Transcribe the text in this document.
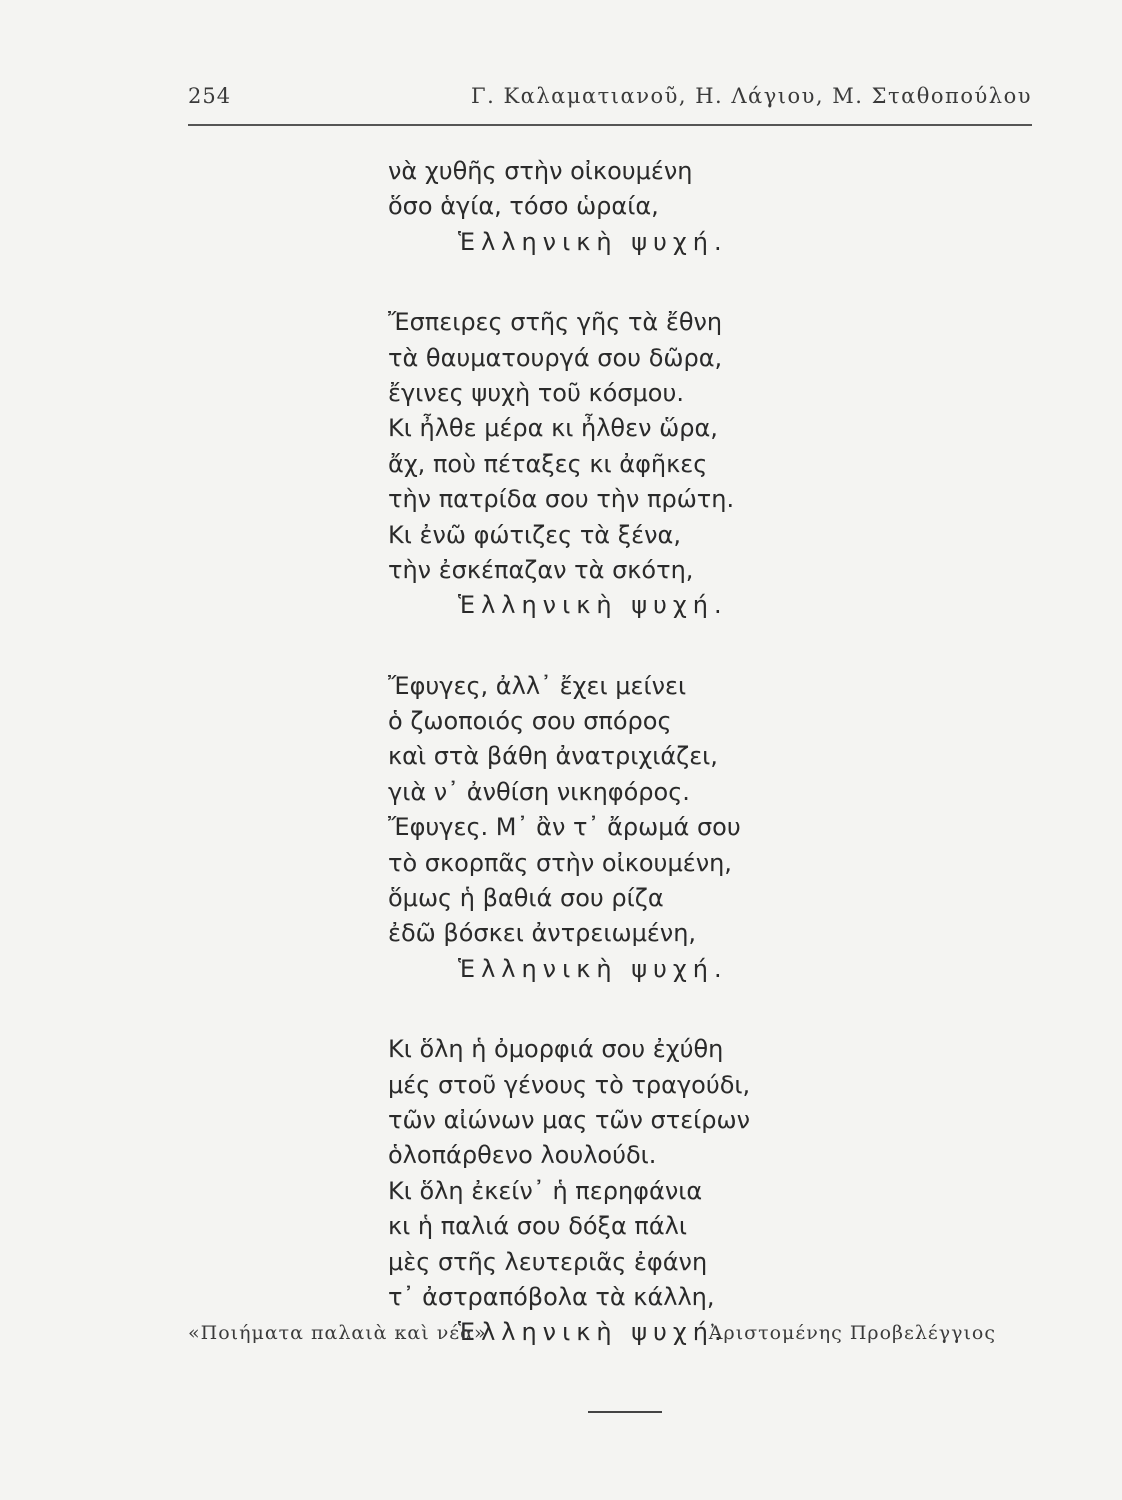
254	Γ. Καλαματιανοῦ, Η. Λάγιου, Μ. Σταθοπούλου
νὰ χυθῆς στὴν οἰκουμένη
ὅσο ἁγία, τόσο ὡραία,
Ἑλληνικὴ ψυχή.
Ἔσπειρες στῆς γῆς τὰ ἔθνη
τὰ θαυματουργά σου δῶρα,
ἔγινες ψυχὴ τοῦ κόσμου.
Κι ἦλθε μέρα κι ἦλθεν ὥρα,
ἄχ, ποὺ πέταξες κι ἀφῆκες
τὴν πατρίδα σου τὴν πρώτη.
Κι ἐνῶ φώτιζες τὰ ξένα,
τὴν ἐσκέπαζαν τὰ σκότη,
Ἑλληνικὴ ψυχή.
Ἔφυγες, ἀλλ᾽ ἔχει μείνει
ὁ ζωοποιός σου σπόρος
καὶ στὰ βάθη ἀνατριχιάζει,
γιὰ ν᾽ ἀνθίση νικηφόρος.
Ἔφυγες. Μ᾽ ἂν τ᾽ ἄρωμά σου
τὸ σκορπᾶς στὴν οἰκουμένη,
ὅμως ἡ βαθιά σου ρίζα
ἐδῶ βόσκει ἀντρειωμένη,
Ἑλληνικὴ ψυχή.
Κι ὅλη ἡ ὀμορφιά σου ἐχύθη
μές στοῦ γένους τὸ τραγούδι,
τῶν αἰώνων μας τῶν στείρων
ὁλοπάρθενο λουλούδι.
Κι ὅλη ἐκείν᾽ ἡ περηφάνια
κι ἡ παλιά σου δόξα πάλι
μὲς στῆς λευτεριᾶς ἐφάνη
τ᾽ ἀστραπόβολα τὰ κάλλη,
Ἑλληνικὴ ψυχή.
«Ποιήματα παλαιὰ καὶ νέα»	Ἀριστομένης Προβελέγγιος
